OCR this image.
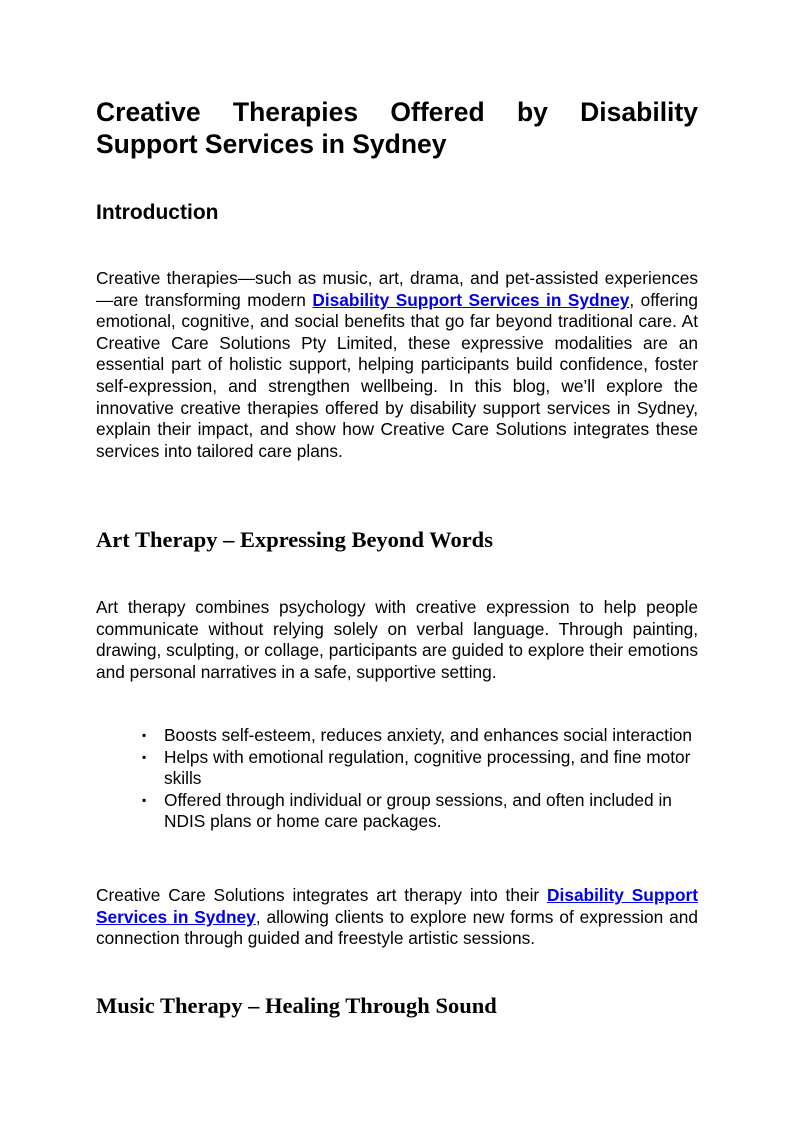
Creative Therapies Offered by Disability Support Services in Sydney
Introduction

Creative therapies—such as music, art, drama, and pet-assisted experiences—are transforming modern Disability Support Services in Sydney, offering emotional, cognitive, and social benefits that go far beyond traditional care. At Creative Care Solutions Pty Limited, these expressive modalities are an essential part of holistic support, helping participants build confidence, foster self-expression, and strengthen wellbeing. In this blog, we’ll explore the innovative creative therapies offered by disability support services in Sydney, explain their impact, and show how Creative Care Solutions integrates these services into tailored care plans.

Art Therapy – Expressing Beyond Words

Art therapy combines psychology with creative expression to help people communicate without relying solely on verbal language. Through painting, drawing, sculpting, or collage, participants are guided to explore their emotions and personal narratives in a safe, supportive setting.

▪ Boosts self-esteem, reduces anxiety, and enhances social interaction
▪ Helps with emotional regulation, cognitive processing, and fine motor skills
▪ Offered through individual or group sessions, and often included in NDIS plans or home care packages.

Creative Care Solutions integrates art therapy into their Disability Support Services in Sydney, allowing clients to explore new forms of expression and connection through guided and freestyle artistic sessions.

Music Therapy – Healing Through Sound
